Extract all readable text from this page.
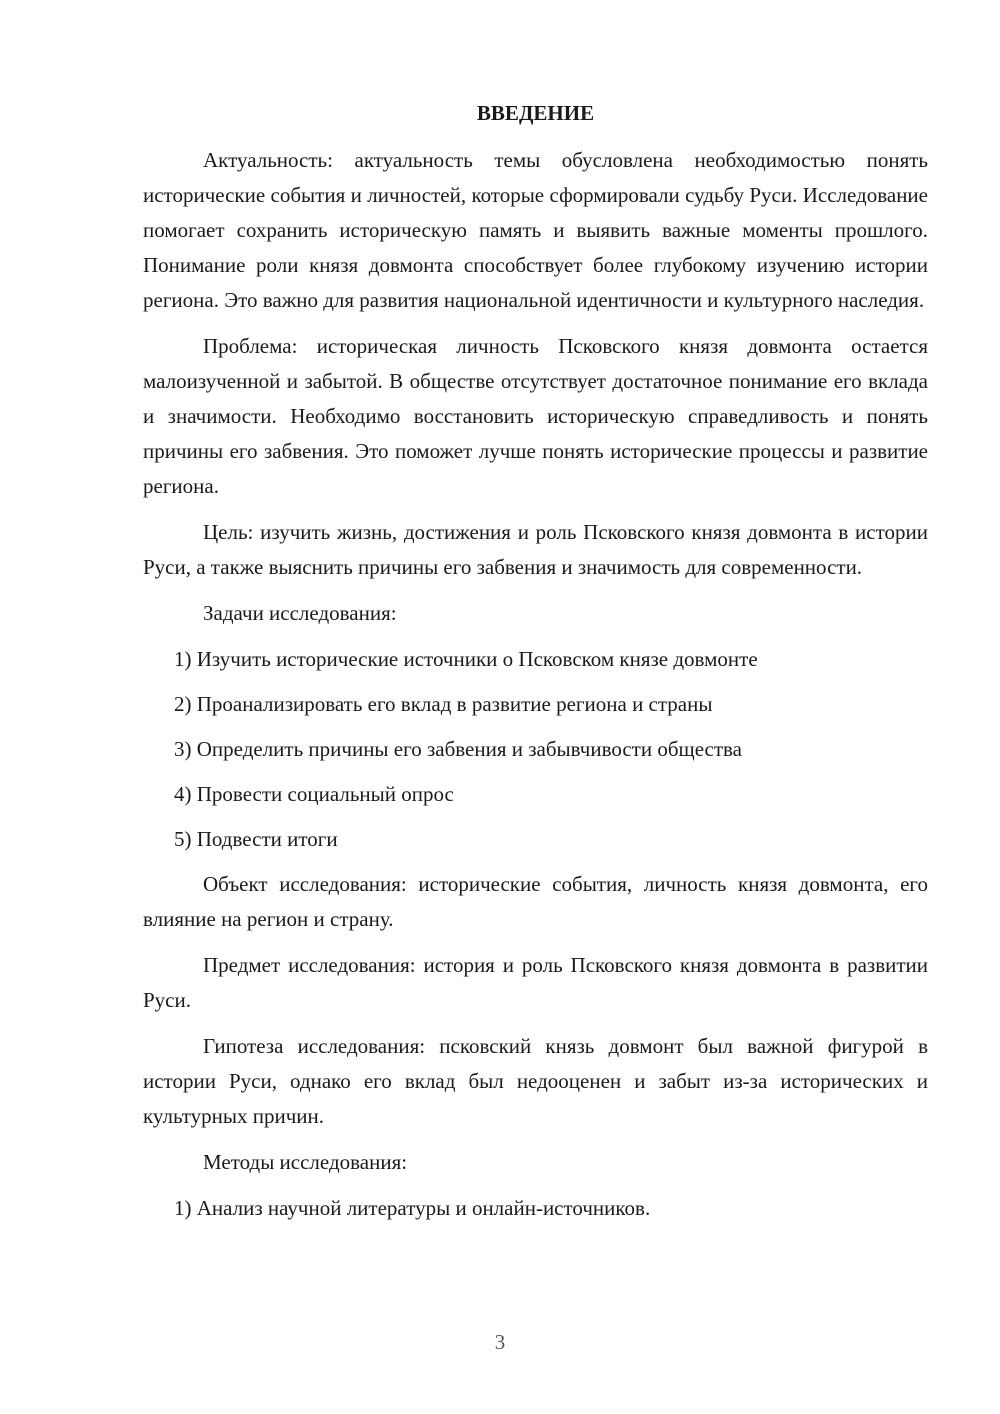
ВВЕДЕНИЕ

Актуальность: актуальность темы обусловлена необходимостью понять исторические события и личностей, которые сформировали судьбу Руси. Исследование помогает сохранить историческую память и выявить важные моменты прошлого. Понимание роли князя довмонта способствует более глубокому изучению истории региона. Это важно для развития национальной идентичности и культурного наследия.

Проблема: историческая личность Псковского князя довмонта остается малоизученной и забытой. В обществе отсутствует достаточное понимание его вклада и значимости. Необходимо восстановить историческую справедливость и понять причины его забвения. Это поможет лучше понять исторические процессы и развитие региона.

Цель: изучить жизнь, достижения и роль Псковского князя довмонта в истории Руси, а также выяснить причины его забвения и значимость для современности.

Задачи исследования:

1) Изучить исторические источники о Псковском князе довмонте
2) Проанализировать его вклад в развитие региона и страны
3) Определить причины его забвения и забывчивости общества
4) Провести социальный опрос
5) Подвести итоги

Объект исследования: исторические события, личность князя довмонта, его влияние на регион и страну.

Предмет исследования: история и роль Псковского князя довмонта в развитии Руси.

Гипотеза исследования: псковский князь довмонт был важной фигурой в истории Руси, однако его вклад был недооценен и забыт из-за исторических и культурных причин.

Методы исследования:

1) Анализ научной литературы и онлайн-источников.
3
